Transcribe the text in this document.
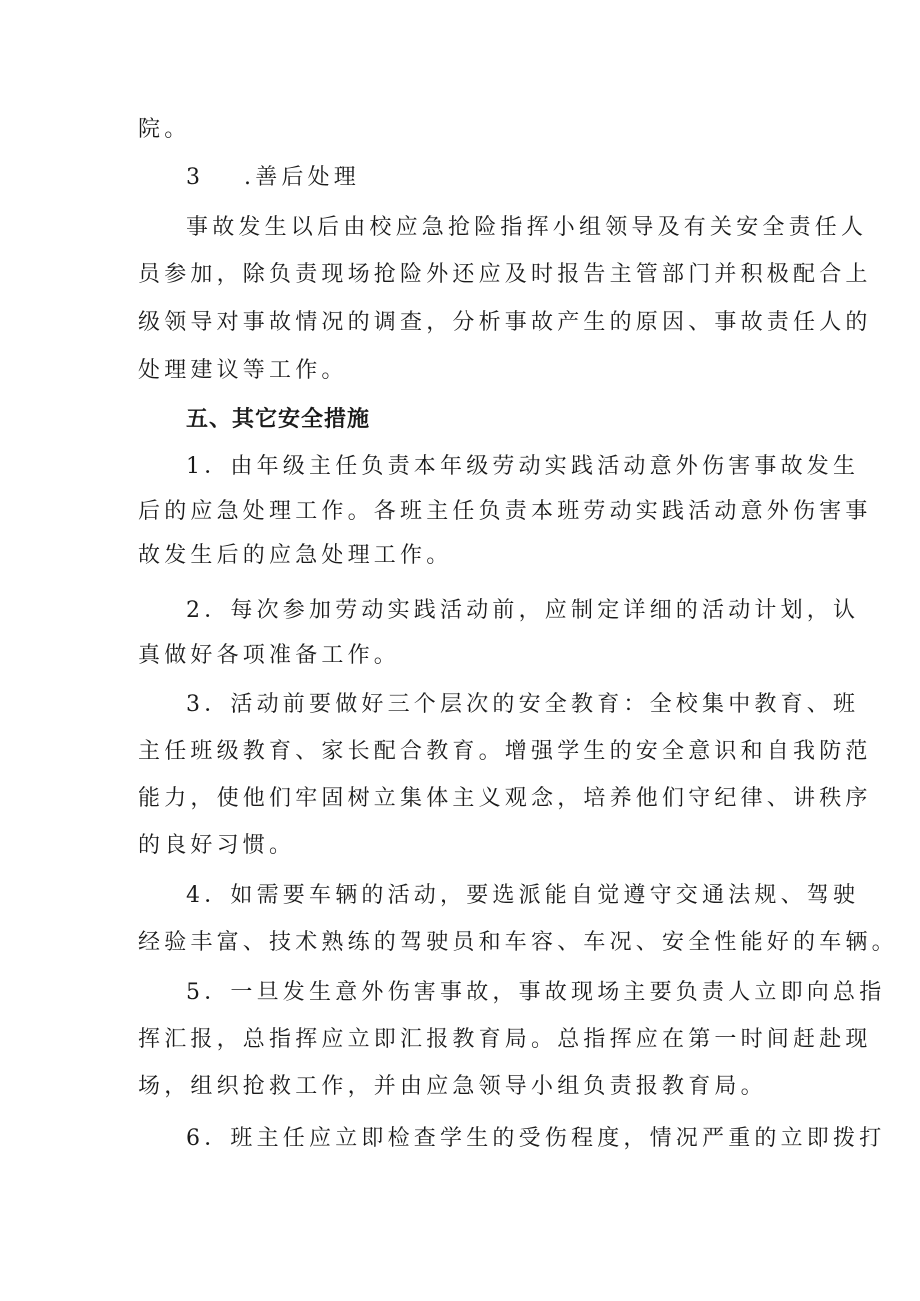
院。
3 .善后处理
事故发生以后由校应急抢险指挥小组领导及有关安全责任人
员参加，除负责现场抢险外还应及时报告主管部门并积极配合上
级领导对事故情况的调查，分析事故产生的原因、事故责任人的
处理建议等工作。
五、其它安全措施
1．由年级主任负责本年级劳动实践活动意外伤害事故发生
后的应急处理工作。各班主任负责本班劳动实践活动意外伤害事
故发生后的应急处理工作。
2．每次参加劳动实践活动前，应制定详细的活动计划，认
真做好各项准备工作。
3．活动前要做好三个层次的安全教育：全校集中教育、班
主任班级教育、家长配合教育。增强学生的安全意识和自我防范
能力，使他们牢固树立集体主义观念，培养他们守纪律、讲秩序
的良好习惯。
4．如需要车辆的活动，要选派能自觉遵守交通法规、驾驶
经验丰富、技术熟练的驾驶员和车容、车况、安全性能好的车辆。
5．一旦发生意外伤害事故，事故现场主要负责人立即向总指
挥汇报，总指挥应立即汇报教育局。总指挥应在第一时间赶赴现
场，组织抢救工作，并由应急领导小组负责报教育局。
6．班主任应立即检查学生的受伤程度，情况严重的立即拨打
